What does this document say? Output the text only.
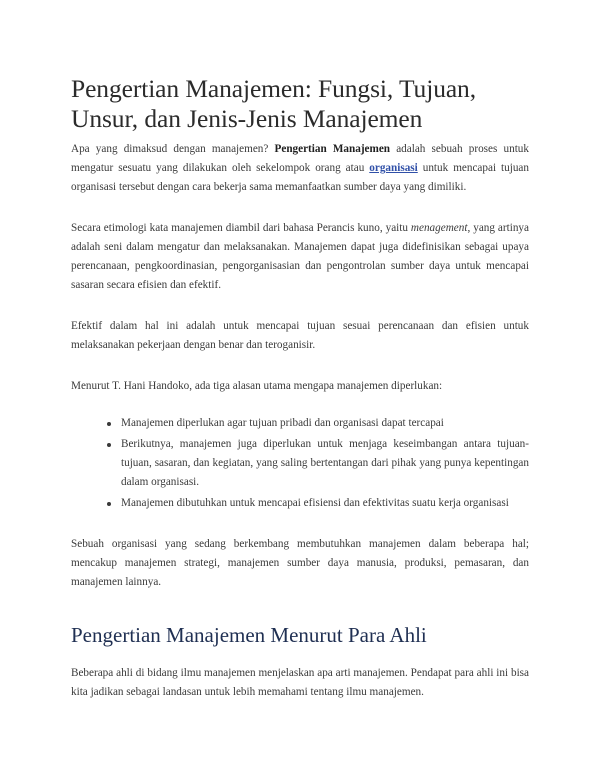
Pengertian Manajemen: Fungsi, Tujuan, Unsur, dan Jenis-Jenis Manajemen

Apa yang dimaksud dengan manajemen? Pengertian Manajemen adalah sebuah proses untuk mengatur sesuatu yang dilakukan oleh sekelompok orang atau organisasi untuk mencapai tujuan organisasi tersebut dengan cara bekerja sama memanfaatkan sumber daya yang dimiliki.

Secara etimologi kata manajemen diambil dari bahasa Perancis kuno, yaitu menagement, yang artinya adalah seni dalam mengatur dan melaksanakan. Manajemen dapat juga didefinisikan sebagai upaya perencanaan, pengkoordinasian, pengorganisasian dan pengontrolan sumber daya untuk mencapai sasaran secara efisien dan efektif.

Efektif dalam hal ini adalah untuk mencapai tujuan sesuai perencanaan dan efisien untuk melaksanakan pekerjaan dengan benar dan teroganisir.

Menurut T. Hani Handoko, ada tiga alasan utama mengapa manajemen diperlukan:

Manajemen diperlukan agar tujuan pribadi dan organisasi dapat tercapai
Berikutnya, manajemen juga diperlukan untuk menjaga keseimbangan antara tujuan-tujuan, sasaran, dan kegiatan, yang saling bertentangan dari pihak yang punya kepentingan dalam organisasi.
Manajemen dibutuhkan untuk mencapai efisiensi dan efektivitas suatu kerja organisasi

Sebuah organisasi yang sedang berkembang membutuhkan manajemen dalam beberapa hal; mencakup manajemen strategi, manajemen sumber daya manusia, produksi, pemasaran, dan manajemen lainnya.

Pengertian Manajemen Menurut Para Ahli

Beberapa ahli di bidang ilmu manajemen menjelaskan apa arti manajemen. Pendapat para ahli ini bisa kita jadikan sebagai landasan untuk lebih memahami tentang ilmu manajemen.
